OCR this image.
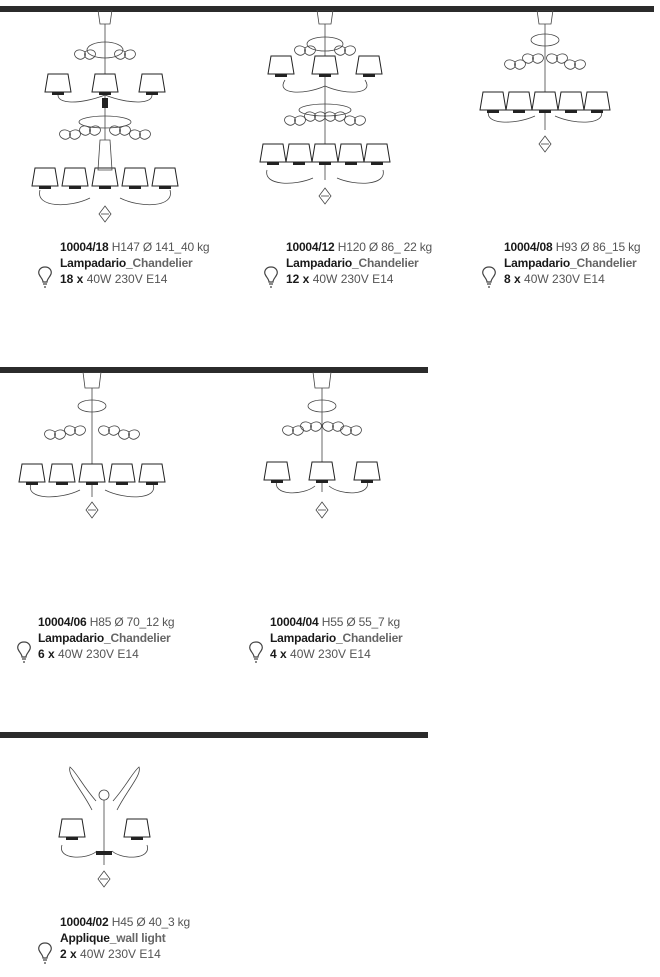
10004/18 H147 Ø 141_40 kg
Lampadario_Chandelier
18 x 40W 230V E14
10004/12 H120 Ø 86_ 22 kg
Lampadario_Chandelier
12 x 40W 230V E14
10004/08 H93 Ø 86_15 kg
Lampadario_Chandelier
8 x 40W 230V E14
10004/06 H85 Ø 70_12 kg
Lampadario_Chandelier
6 x 40W 230V E14
10004/04 H55 Ø 55_7 kg
Lampadario_Chandelier
4 x 40W 230V E14
10004/02 H45 Ø 40_3 kg
Applique_wall light
2 x 40W 230V E14
